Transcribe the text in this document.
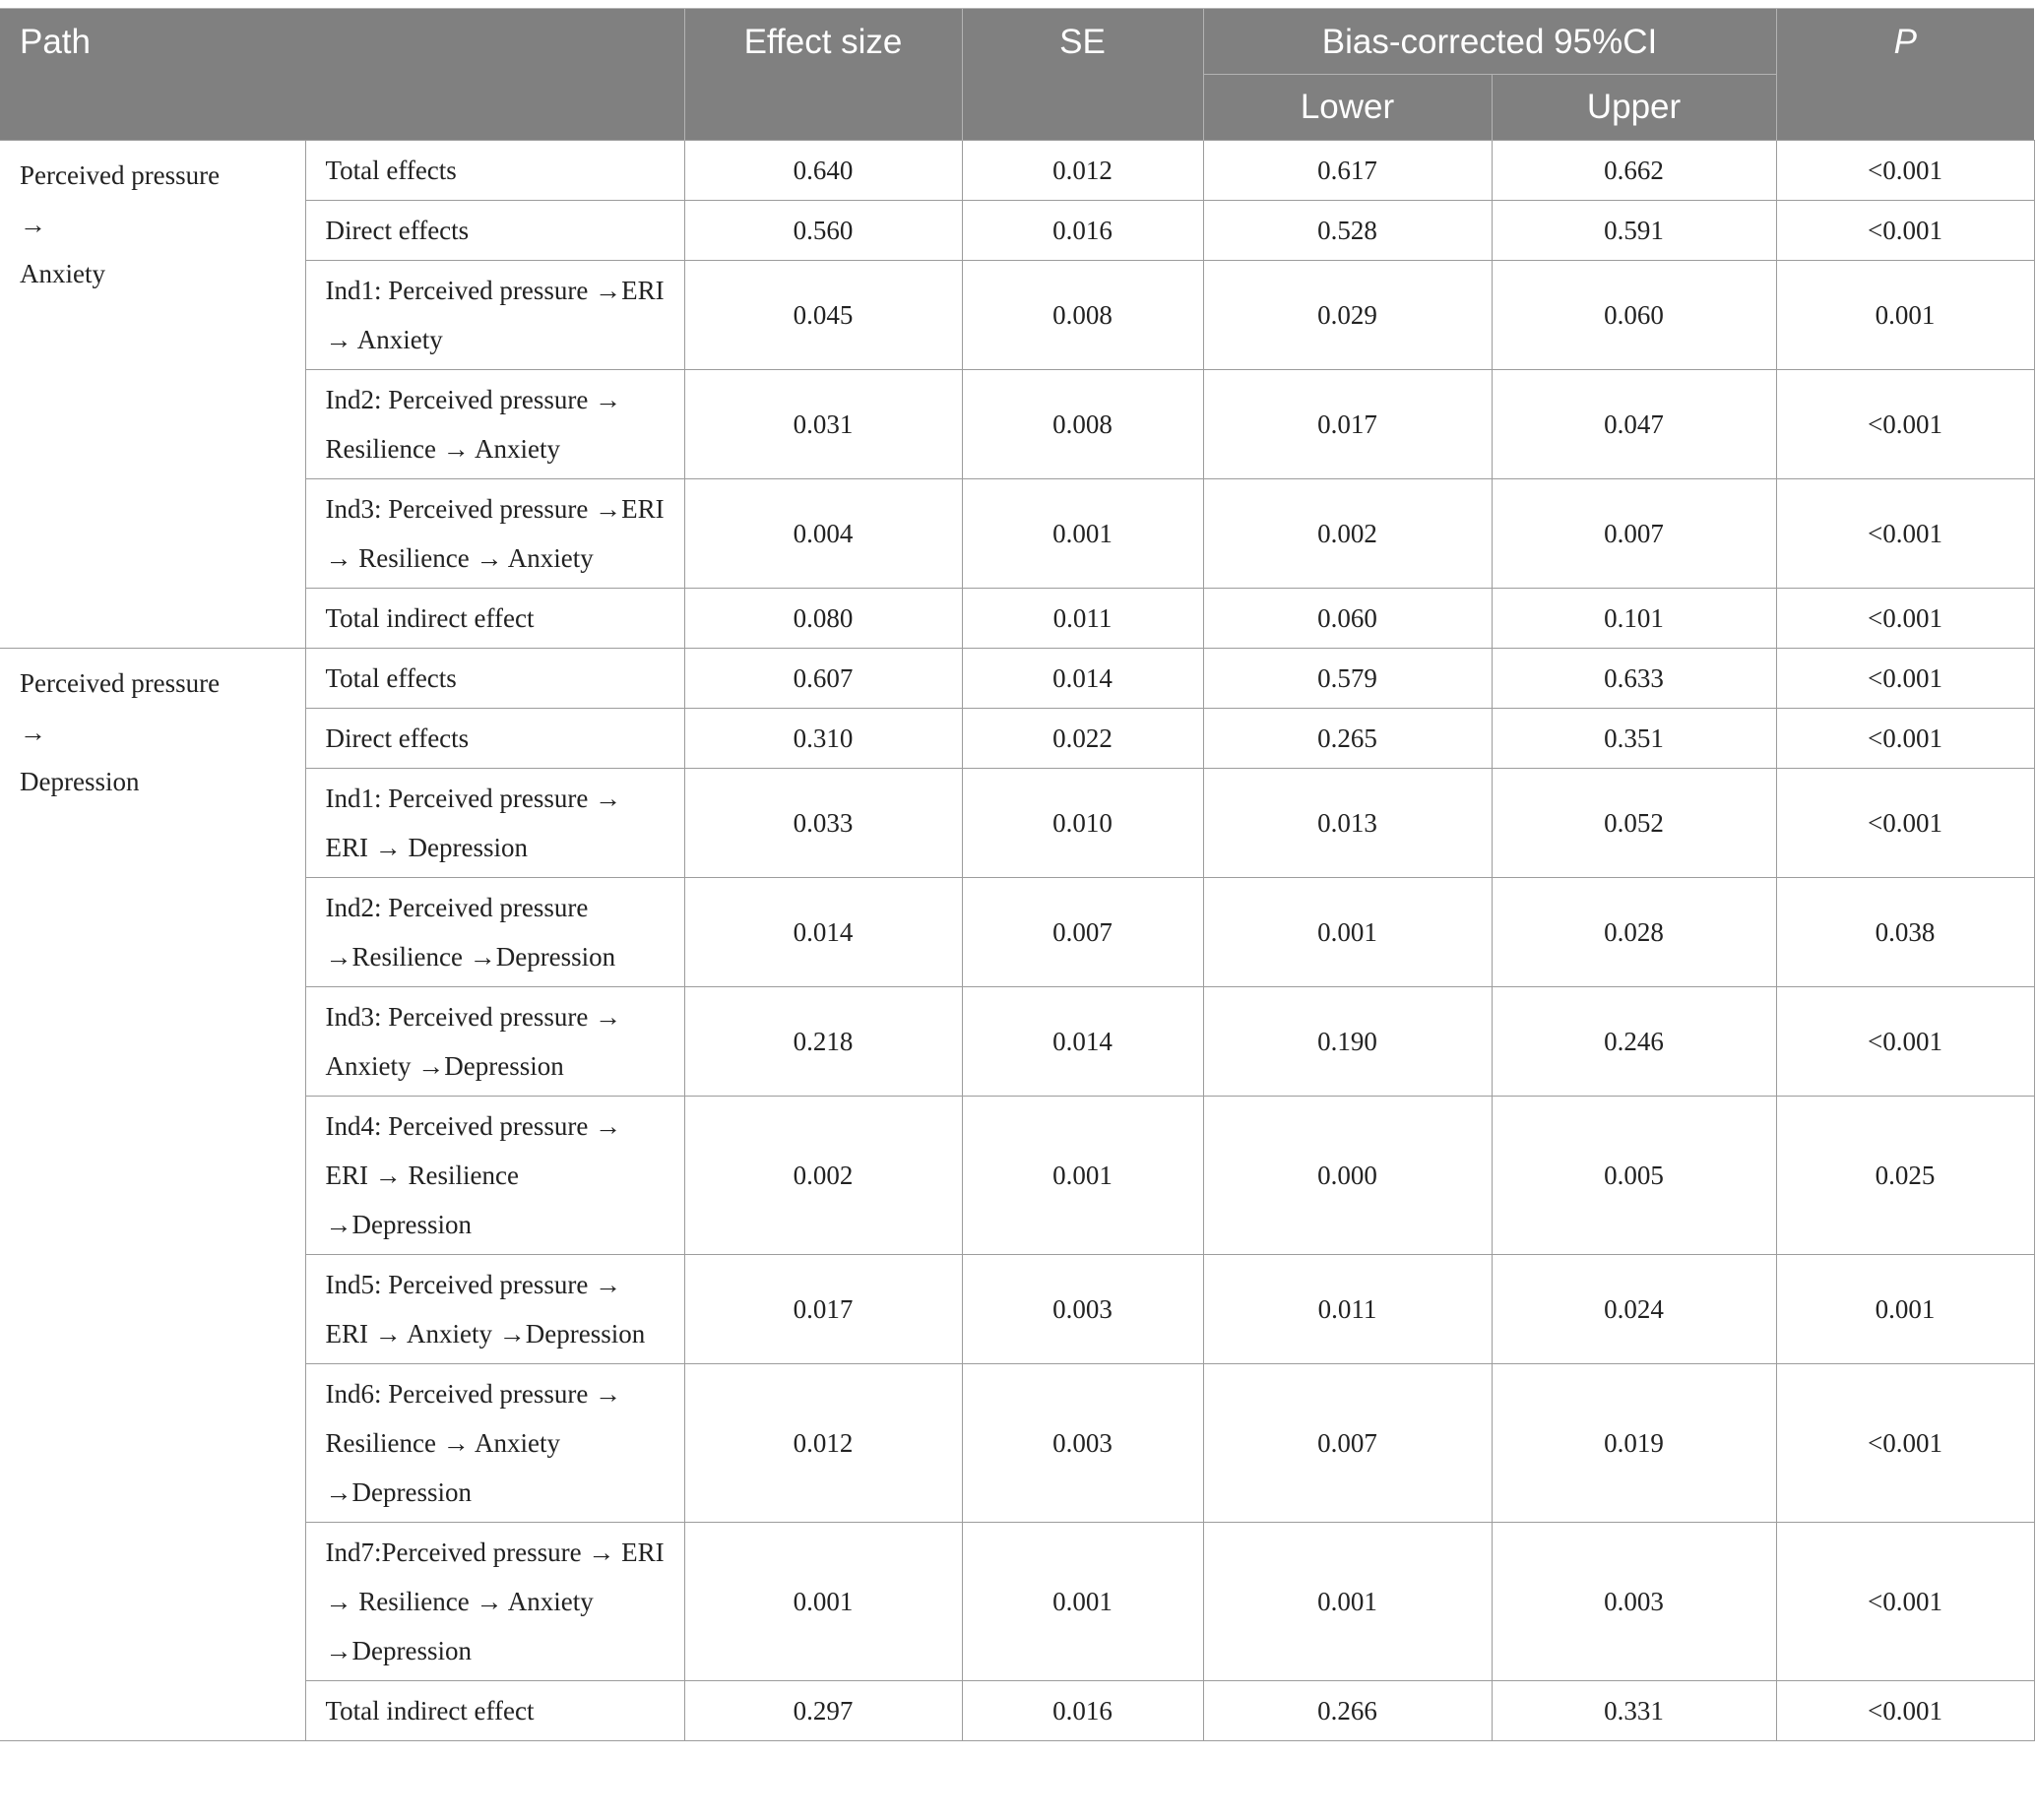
Path		Effect size	SE	Bias-corrected 95%CI		P
				Lower	Upper	

Perceived pressure
→
Anxiety	Total effects	0.640	0.012	0.617	0.662	<0.001
	Direct effects	0.560	0.016	0.528	0.591	<0.001
	Ind1: Perceived pressure →ERI → Anxiety	0.045	0.008	0.029	0.060	0.001
	Ind2: Perceived pressure → Resilience → Anxiety	0.031	0.008	0.017	0.047	<0.001
	Ind3: Perceived pressure →ERI → Resilience → Anxiety	0.004	0.001	0.002	0.007	<0.001
	Total indirect effect	0.080	0.011	0.060	0.101	<0.001

Perceived pressure
→
Depression	Total effects	0.607	0.014	0.579	0.633	<0.001
	Direct effects	0.310	0.022	0.265	0.351	<0.001
	Ind1: Perceived pressure → ERI → Depression	0.033	0.010	0.013	0.052	<0.001
	Ind2: Perceived pressure →Resilience →Depression	0.014	0.007	0.001	0.028	0.038
	Ind3: Perceived pressure → Anxiety →Depression	0.218	0.014	0.190	0.246	<0.001
	Ind4: Perceived pressure → ERI → Resilience →Depression	0.002	0.001	0.000	0.005	0.025
	Ind5: Perceived pressure → ERI → Anxiety →Depression	0.017	0.003	0.011	0.024	0.001
	Ind6: Perceived pressure → Resilience → Anxiety →Depression	0.012	0.003	0.007	0.019	<0.001
	Ind7:Perceived pressure → ERI → Resilience → Anxiety →Depression	0.001	0.001	0.001	0.003	<0.001
	Total indirect effect	0.297	0.016	0.266	0.331	<0.001
